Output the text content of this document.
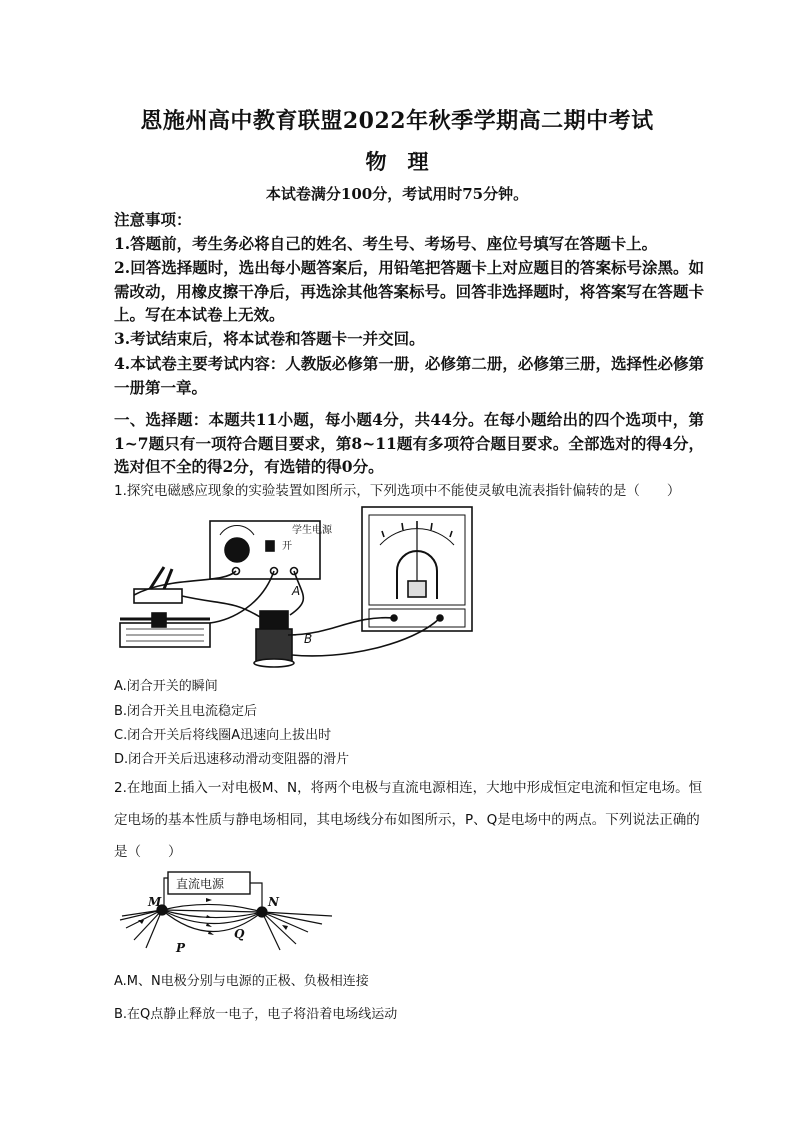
恩施州高中教育联盟2022年秋季学期高二期中考试
物　理
本试卷满分100分，考试用时75分钟。
注意事项：
1.答题前，考生务必将自己的姓名、考生号、考场号、座位号填写在答题卡上。
2.回答选择题时，选出每小题答案后，用铅笔把答题卡上对应题目的答案标号涂黑。如需改动，用橡皮擦干净后，再选涂其他答案标号。回答非选择题时，将答案写在答题卡上。写在本试卷上无效。
3.考试结束后，将本试卷和答题卡一并交回。
4.本试卷主要考试内容：人教版必修第一册，必修第二册，必修第三册，选择性必修第一册第一章。
一、选择题：本题共11小题，每小题4分，共44分。在每小题给出的四个选项中，第1~7题只有一项符合题目要求，第8~11题有多项符合题目要求。全部选对的得4分，选对但不全的得2分，有选错的得0分。
1.探究电磁感应现象的实验装置如图所示，下列选项中不能使灵敏电流表指针偏转的是（　　）
学生电源
开
A
B
A.闭合开关的瞬间
B.闭合开关且电流稳定后
C.闭合开关后将线圈A迅速向上拔出时
D.闭合开关后迅速移动滑动变阻器的滑片
2.在地面上插入一对电极M、N，将两个电极与直流电源相连，大地中形成恒定电流和恒定电场。恒定电场的基本性质与静电场相同，其电场线分布如图所示，P、Q是电场中的两点。下列说法正确的是（　　）
直流电源
M	N
P
Q
A.M、N电极分别与电源的正极、负极相连接
B.在Q点静止释放一电子，电子将沿着电场线运动
